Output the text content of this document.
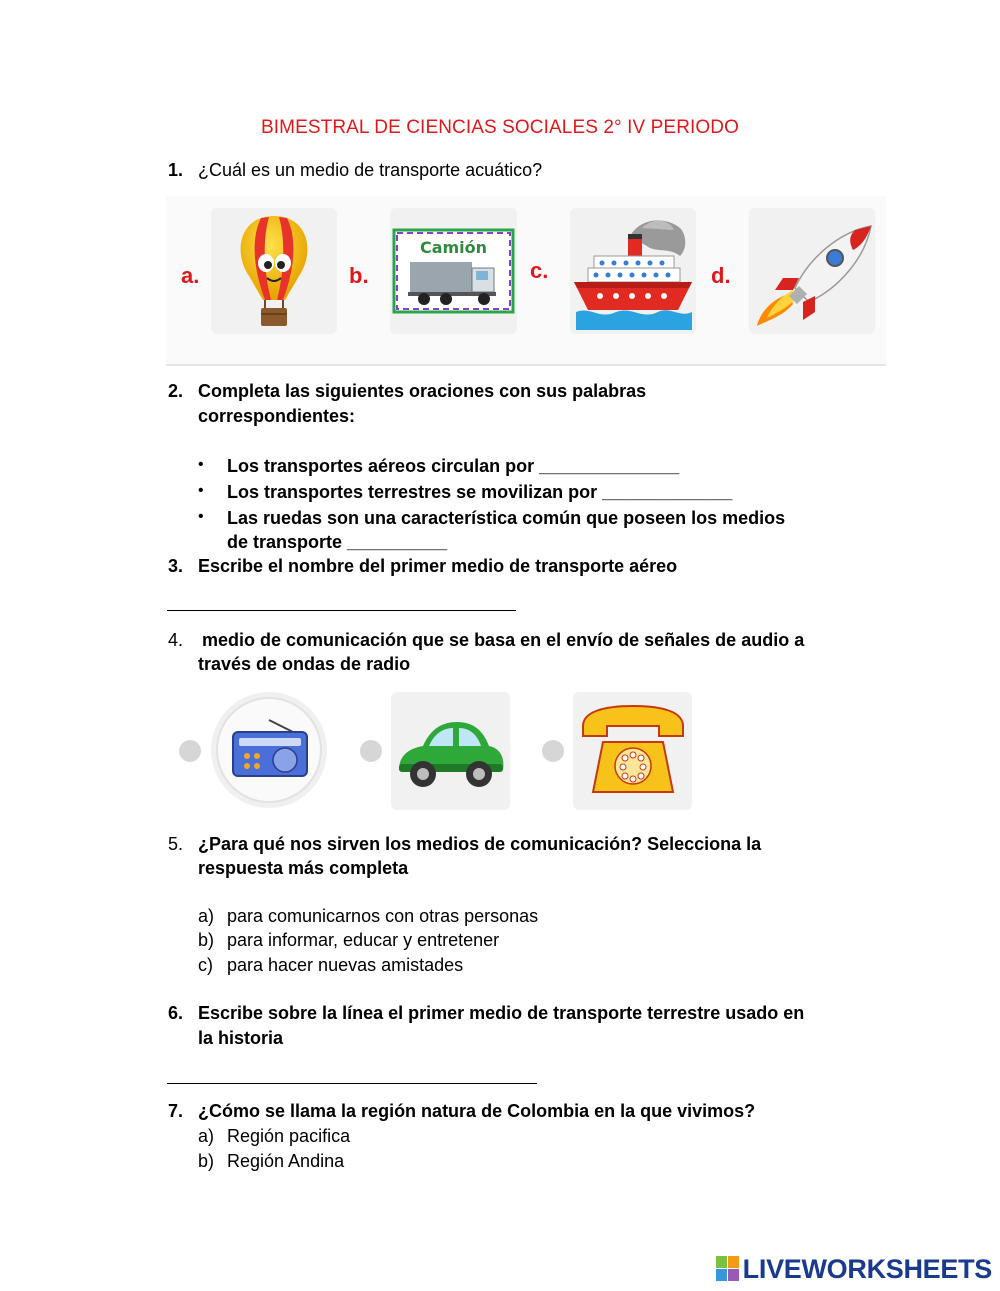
BIMESTRAL DE CIENCIAS SOCIALES 2° IV PERIODO
1. ¿Cuál es un medio de transporte acuático?
a.	b.
Camión
c.	d.
2. Completa las siguientes oraciones con sus palabras
correspondientes:
• Los transportes aéreos circulan por ______________
• Los transportes terrestres se movilizan por _____________
• Las ruedas son una característica común que poseen los medios
de transporte __________
3. Escribe el nombre del primer medio de transporte aéreo
4. medio de comunicación que se basa en el envío de señales de audio a
través de ondas de radio
5. ¿Para qué nos sirven los medios de comunicación? Selecciona la
respuesta más completa
a) para comunicarnos con otras personas
b) para informar, educar y entretener
c) para hacer nuevas amistades
6. Escribe sobre la línea el primer medio de transporte terrestre usado en
la historia
7. ¿Cómo se llama la región natura de Colombia en la que vivimos?
a) Región pacifica
b) Región Andina
LIVEWORKSHEETS
